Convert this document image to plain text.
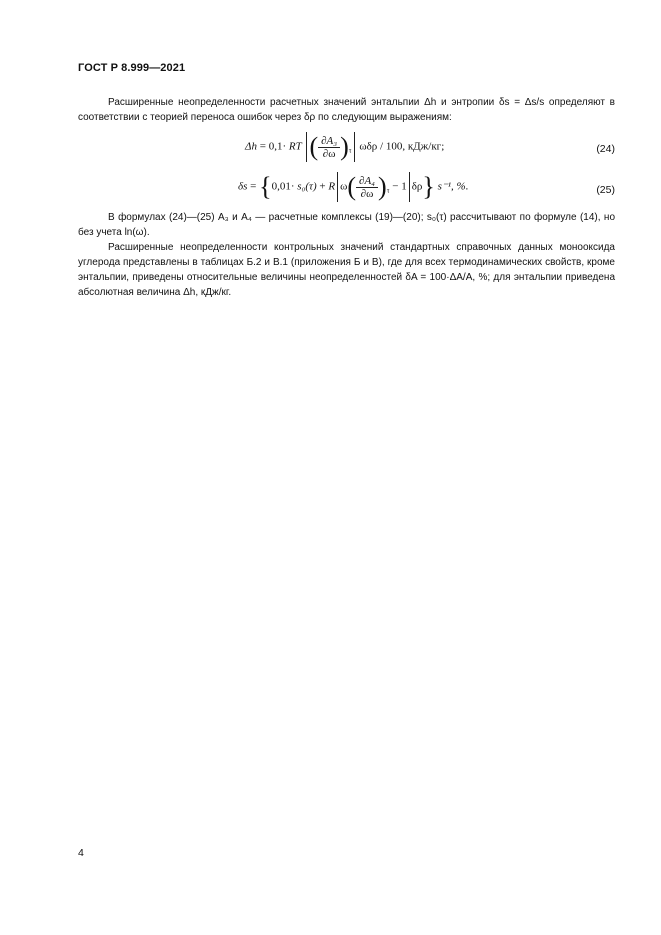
ГОСТ Р 8.999—2021

Расширенные неопределенности расчетных значений энтальпии Δh и энтропии δs = Δs/s определяют в соответствии с теорией переноса ошибок через δρ по следующим выражениям:

Δh = 0,1· RT ( $\frac{\text{∂A₃}}{\partial\omega} )_\tau$ ωδρ / 100, кДж/кг;	(24)
δs = {0,01· s₀(τ) + R $\omega( \frac{\text{∂A₄}}{\partial\omega} )_\tau - 1$ δρ} s⁻¹, %.	(25)

В формулах (24)—(25) A₃ и A₄ — расчетные комплексы (19)—(20); s₀(τ) рассчитывают по формуле (14), но без учета ln(ω).

Расширенные неопределенности контрольных значений стандартных справочных данных монооксида углерода представлены в таблицах Б.2 и В.1 (приложения Б и В), где для всех термодинамических свойств, кроме энтальпии, приведены относительные величины неопределенностей δA = 100·ΔA/A, %; для энтальпии приведена абсолютная величина Δh, кДж/кг.

4
